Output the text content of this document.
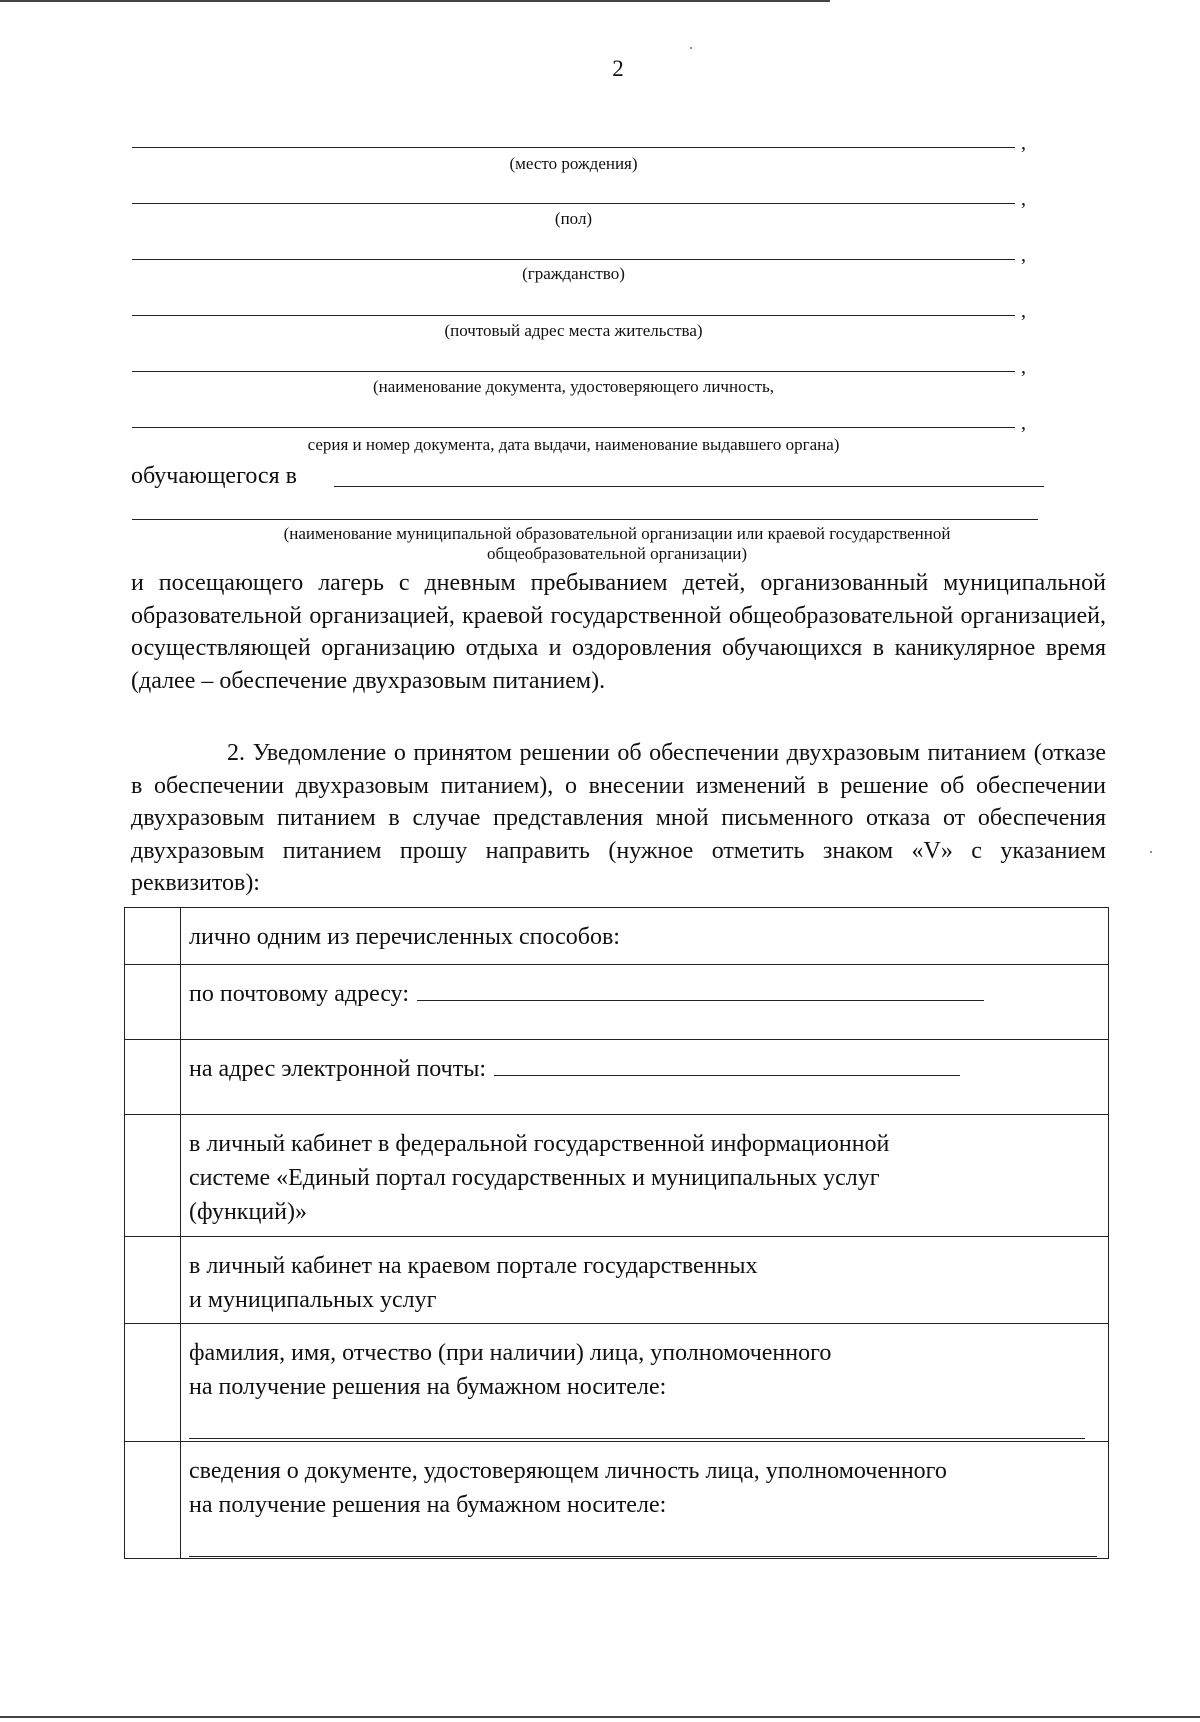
2
,
(место рождения)
,
(пол)
,
(гражданство)
,
(почтовый адрес места жительства)
,
(наименование документа, удостоверяющего личность,
,
серия и номер документа, дата выдачи, наименование выдавшего органа)
обучающегося в
(наименование муниципальной образовательной организации или краевой государственной
общеобразовательной организации)

и посещающего лагерь с дневным пребыванием детей, организованный муниципальной образовательной организацией, краевой государственной общеобразовательной организацией, осуществляющей организацию отдыха и оздоровления обучающихся в каникулярное время (далее – обеспечение двухразовым питанием).

2. Уведомление о принятом решении об обеспечении двухразовым питанием (отказе в обеспечении двухразовым питанием), о внесении изменений в решение об обеспечении двухразовым питанием в случае представления мной письменного отказа от обеспечения двухразовым питанием прошу направить (нужное отметить знаком «V» с указанием реквизитов):

	лично одним из перечисленных способов:
	по почтовому адресу:
	на адрес электронной почты:

	в личный кабинет в федеральной государственной информационной
системе «Единый портал государственных и муниципальных услуг
(функций)»

	в личный кабинет на краевом портале государственных
и муниципальных услуг

	фамилия, имя, отчество (при наличии) лица, уполномоченного
на получение решения на бумажном носителе:

	сведения о документе, удостоверяющем личность лица, уполномоченного
на получение решения на бумажном носителе:
